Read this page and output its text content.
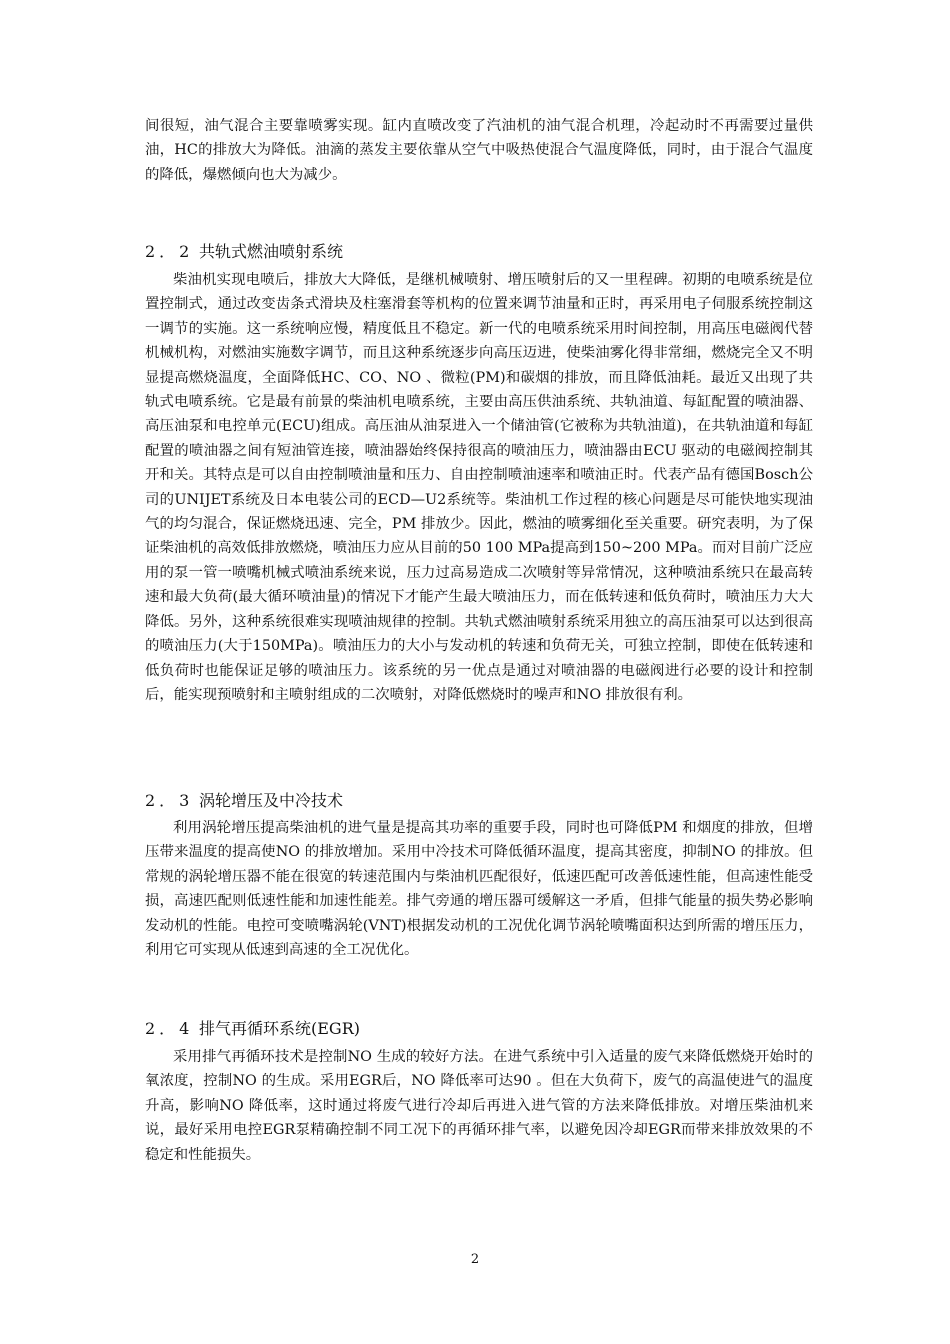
间很短，油气混合主要靠喷雾实现。缸内直喷改变了汽油机的油气混合机理，冷起动时不再需要过量供油，HC的排放大为降低。油滴的蒸发主要依靠从空气中吸热使混合气温度降低，同时，由于混合气温度的降低，爆燃倾向也大为减少。

2．2 共轨式燃油喷射系统

柴油机实现电喷后，排放大大降低，是继机械喷射、增压喷射后的又一里程碑。初期的电喷系统是位置控制式，通过改变齿条式滑块及柱塞滑套等机构的位置来调节油量和正时，再采用电子伺服系统控制这一调节的实施。这一系统响应慢，精度低且不稳定。新一代的电喷系统采用时间控制，用高压电磁阀代替机械机构，对燃油实施数字调节，而且这种系统逐步向高压迈进，使柴油雾化得非常细，燃烧完全又不明显提高燃烧温度，全面降低HC、CO、NO 、微粒(PM)和碳烟的排放，而且降低油耗。最近又出现了共轨式电喷系统。它是最有前景的柴油机电喷系统，主要由高压供油系统、共轨油道、每缸配置的喷油器、高压油泵和电控单元(ECU)组成。高压油从油泵进入一个储油管(它被称为共轨油道)，在共轨油道和每缸配置的喷油器之间有短油管连接，喷油器始终保持很高的喷油压力，喷油器由ECU 驱动的电磁阀控制其开和关。其特点是可以自由控制喷油量和压力、自由控制喷油速率和喷油正时。代表产品有德国Bosch公司的UNIJET系统及日本电装公司的ECD—U2系统等。柴油机工作过程的核心问题是尽可能快地实现油气的均匀混合，保证燃烧迅速、完全，PM 排放少。因此，燃油的喷雾细化至关重要。研究表明，为了保证柴油机的高效低排放燃烧，喷油压力应从目前的50 100 MPa提高到150~200 MPa。而对目前广泛应用的泵一管一喷嘴机械式喷油系统来说，压力过高易造成二次喷射等异常情况，这种喷油系统只在最高转速和最大负荷(最大循环喷油量)的情况下才能产生最大喷油压力，而在低转速和低负荷时，喷油压力大大降低。另外，这种系统很难实现喷油规律的控制。共轨式燃油喷射系统采用独立的高压油泵可以达到很高的喷油压力(大于150MPa)。喷油压力的大小与发动机的转速和负荷无关，可独立控制，即使在低转速和低负荷时也能保证足够的喷油压力。该系统的另一优点是通过对喷油器的电磁阀进行必要的设计和控制后，能实现预喷射和主喷射组成的二次喷射，对降低燃烧时的噪声和NO 排放很有利。

2．3 涡轮增压及中冷技术

利用涡轮增压提高柴油机的进气量是提高其功率的重要手段，同时也可降低PM 和烟度的排放，但增压带来温度的提高使NO 的排放增加。采用中冷技术可降低循环温度，提高其密度，抑制NO 的排放。但常规的涡轮增压器不能在很宽的转速范围内与柴油机匹配很好，低速匹配可改善低速性能，但高速性能受损，高速匹配则低速性能和加速性能差。排气旁通的增压器可缓解这一矛盾，但排气能量的损失势必影响发动机的性能。电控可变喷嘴涡轮(VNT)根据发动机的工况优化调节涡轮喷嘴面积达到所需的增压压力，利用它可实现从低速到高速的全工况优化。

2．4 排气再循环系统(EGR)

采用排气再循环技术是控制NO 生成的较好方法。在进气系统中引入适量的废气来降低燃烧开始时的氧浓度，控制NO 的生成。采用EGR后，NO 降低率可达90 。但在大负荷下，废气的高温使进气的温度升高，影响NO 降低率，这时通过将废气进行冷却后再进入进气管的方法来降低排放。对增压柴油机来说，最好采用电控EGR泵精确控制不同工况下的再循环排气率，以避免因冷却EGR而带来排放效果的不稳定和性能损失。

2
